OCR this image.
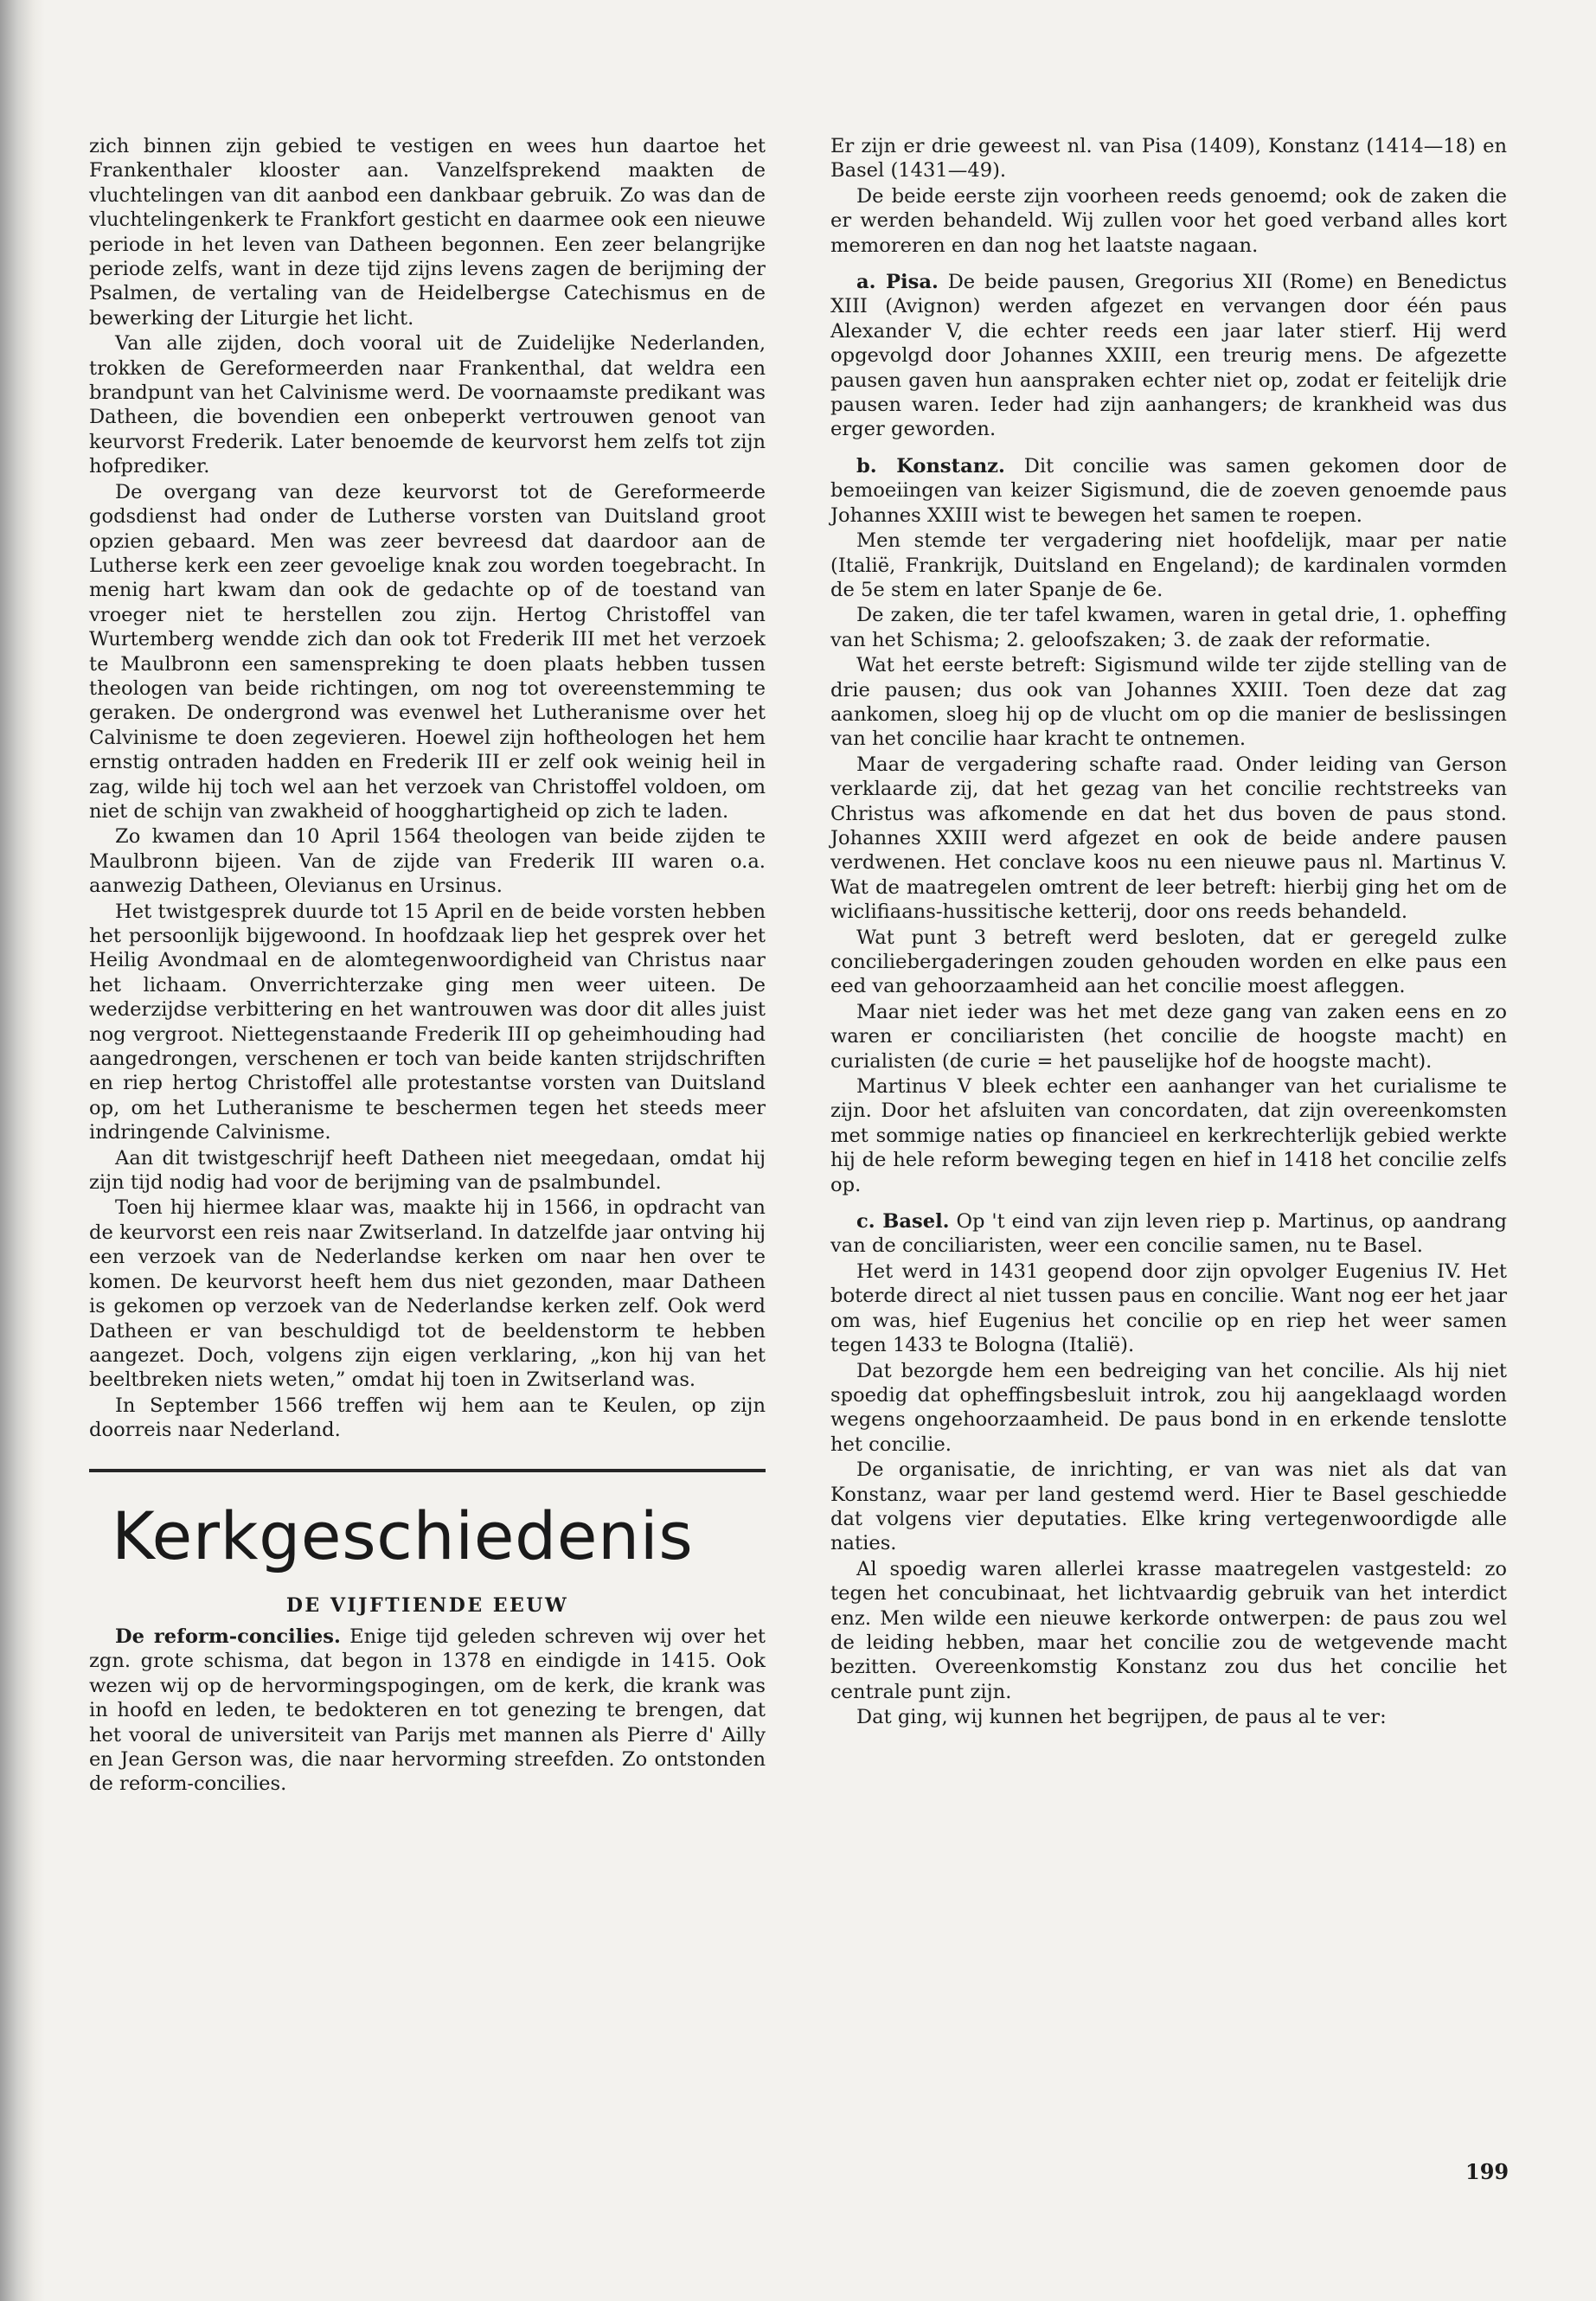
zich binnen zijn gebied te vestigen en wees hun daartoe het Frankenthaler klooster aan. Vanzelfsprekend maakten de vluchtelingen van dit aanbod een dankbaar gebruik. Zo was dan de vluchtelingenkerk te Frankfort gesticht en daarmee ook een nieuwe periode in het leven van Datheen begonnen. Een zeer belangrijke periode zelfs, want in deze tijd zijns levens zagen de berijming der Psalmen, de vertaling van de Heidelbergse Catechismus en de bewerking der Liturgie het licht.

Van alle zijden, doch vooral uit de Zuidelijke Nederlanden, trokken de Gereformeerden naar Frankenthal, dat weldra een brandpunt van het Calvinisme werd. De voornaamste predikant was Datheen, die bovendien een onbeperkt vertrouwen genoot van keurvorst Frederik. Later benoemde de keurvorst hem zelfs tot zijn hofprediker.

De overgang van deze keurvorst tot de Gereformeerde godsdienst had onder de Lutherse vorsten van Duitsland groot opzien gebaard. Men was zeer bevreesd dat daardoor aan de Lutherse kerk een zeer gevoelige knak zou worden toegebracht. In menig hart kwam dan ook de gedachte op of de toestand van vroeger niet te herstellen zou zijn. Hertog Christoffel van Wurtemberg wendde zich dan ook tot Frederik III met het verzoek te Maulbronn een samenspreking te doen plaats hebben tussen theologen van beide richtingen, om nog tot overeenstemming te geraken. De ondergrond was evenwel het Lutheranisme over het Calvinisme te doen zegevieren. Hoewel zijn hoftheologen het hem ernstig ontraden hadden en Frederik III er zelf ook weinig heil in zag, wilde hij toch wel aan het verzoek van Christoffel voldoen, om niet de schijn van zwakheid of hoogghartigheid op zich te laden.

Zo kwamen dan 10 April 1564 theologen van beide zijden te Maulbronn bijeen. Van de zijde van Frederik III waren o.a. aanwezig Datheen, Olevianus en Ursinus.

Het twistgesprek duurde tot 15 April en de beide vorsten hebben het persoonlijk bijgewoond. In hoofdzaak liep het gesprek over het Heilig Avondmaal en de alomtegenwoordigheid van Christus naar het lichaam. Onverrichterzake ging men weer uiteen. De wederzijdse verbittering en het wantrouwen was door dit alles juist nog vergroot. Niettegenstaande Frederik III op geheimhouding had aangedrongen, verschenen er toch van beide kanten strijdschriften en riep hertog Christoffel alle protestantse vorsten van Duitsland op, om het Lutheranisme te beschermen tegen het steeds meer indringende Calvinisme.

Aan dit twistgeschrijf heeft Datheen niet meegedaan, omdat hij zijn tijd nodig had voor de berijming van de psalmbundel.

Toen hij hiermee klaar was, maakte hij in 1566, in opdracht van de keurvorst een reis naar Zwitserland. In datzelfde jaar ontving hij een verzoek van de Nederlandse kerken om naar hen over te komen. De keurvorst heeft hem dus niet gezonden, maar Datheen is gekomen op verzoek van de Nederlandse kerken zelf. Ook werd Datheen er van beschuldigd tot de beeldenstorm te hebben aangezet. Doch, volgens zijn eigen verklaring, „kon hij van het beeltbreken niets weten,” omdat hij toen in Zwitserland was.

In September 1566 treffen wij hem aan te Keulen, op zijn doorreis naar Nederland.

Kerkgeschiedenis
DE VIJFTIENDE EEUW

De reform-concilies. Enige tijd geleden schreven wij over het zgn. grote schisma, dat begon in 1378 en eindigde in 1415. Ook wezen wij op de hervormingspogingen, om de kerk, die krank was in hoofd en leden, te bedokteren en tot genezing te brengen, dat het vooral de universiteit van Parijs met mannen als Pierre d' Ailly en Jean Gerson was, die naar hervorming streefden. Zo ontstonden de reform-concilies.

Er zijn er drie geweest nl. van Pisa (1409), Konstanz (1414—18) en Basel (1431—49).

De beide eerste zijn voorheen reeds genoemd; ook de zaken die er werden behandeld. Wij zullen voor het goed verband alles kort memoreren en dan nog het laatste nagaan.

a. Pisa. De beide pausen, Gregorius XII (Rome) en Benedictus XIII (Avignon) werden afgezet en vervangen door één paus Alexander V, die echter reeds een jaar later stierf. Hij werd opgevolgd door Johannes XXIII, een treurig mens. De afgezette pausen gaven hun aanspraken echter niet op, zodat er feitelijk drie pausen waren. Ieder had zijn aanhangers; de krankheid was dus erger geworden.

b. Konstanz. Dit concilie was samen gekomen door de bemoeiingen van keizer Sigismund, die de zoeven genoemde paus Johannes XXIII wist te bewegen het samen te roepen.

Men stemde ter vergadering niet hoofdelijk, maar per natie (Italië, Frankrijk, Duitsland en Engeland); de kardinalen vormden de 5e stem en later Spanje de 6e.

De zaken, die ter tafel kwamen, waren in getal drie, 1. opheffing van het Schisma; 2. geloofszaken; 3. de zaak der reformatie.

Wat het eerste betreft: Sigismund wilde ter zijde stelling van de drie pausen; dus ook van Johannes XXIII. Toen deze dat zag aankomen, sloeg hij op de vlucht om op die manier de beslissingen van het concilie haar kracht te ontnemen.

Maar de vergadering schafte raad. Onder leiding van Gerson verklaarde zij, dat het gezag van het concilie rechtstreeks van Christus was afkomende en dat het dus boven de paus stond. Johannes XXIII werd afgezet en ook de beide andere pausen verdwenen. Het conclave koos nu een nieuwe paus nl. Martinus V. Wat de maatregelen omtrent de leer betreft: hierbij ging het om de wiclifiaans-hussitische ketterij, door ons reeds behandeld.

Wat punt 3 betreft werd besloten, dat er geregeld zulke conciliebergaderingen zouden gehouden worden en elke paus een eed van gehoorzaamheid aan het concilie moest afleggen.

Maar niet ieder was het met deze gang van zaken eens en zo waren er conciliaristen (het concilie de hoogste macht) en curialisten (de curie = het pauselijke hof de hoogste macht).

Martinus V bleek echter een aanhanger van het curialisme te zijn. Door het afsluiten van concordaten, dat zijn overeenkomsten met sommige naties op financieel en kerkrechterlijk gebied werkte hij de hele reform beweging tegen en hief in 1418 het concilie zelfs op.

c. Basel. Op 't eind van zijn leven riep p. Martinus, op aandrang van de conciliaristen, weer een concilie samen, nu te Basel.

Het werd in 1431 geopend door zijn opvolger Eugenius IV. Het boterde direct al niet tussen paus en concilie. Want nog eer het jaar om was, hief Eugenius het concilie op en riep het weer samen tegen 1433 te Bologna (Italië).

Dat bezorgde hem een bedreiging van het concilie. Als hij niet spoedig dat opheffingsbesluit introk, zou hij aangeklaagd worden wegens ongehoorzaamheid. De paus bond in en erkende tenslotte het concilie.

De organisatie, de inrichting, er van was niet als dat van Konstanz, waar per land gestemd werd. Hier te Basel geschiedde dat volgens vier deputaties. Elke kring vertegenwoordigde alle naties.

Al spoedig waren allerlei krasse maatregelen vastgesteld: zo tegen het concubinaat, het lichtvaardig gebruik van het interdict enz. Men wilde een nieuwe kerkorde ontwerpen: de paus zou wel de leiding hebben, maar het concilie zou de wetgevende macht bezitten. Overeenkomstig Konstanz zou dus het concilie het centrale punt zijn.

Dat ging, wij kunnen het begrijpen, de paus al te ver:

199
